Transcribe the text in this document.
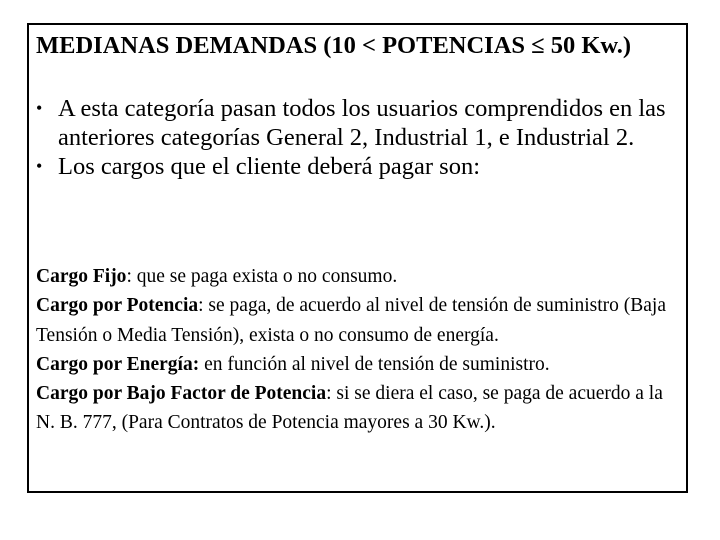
MEDIANAS DEMANDAS (10 < POTENCIAS ≤ 50 Kw.)
• A esta categoría pasan todos los usuarios comprendidos en las anteriores categorías General 2, Industrial 1, e Industrial 2.
• Los cargos que el cliente deberá pagar son:

Cargo Fijo: que se paga exista o no consumo.

Cargo por Potencia: se paga, de acuerdo al nivel de tensión de suministro (Baja Tensión o Media Tensión), exista o no consumo de energía.

Cargo por Energía: en función al nivel de tensión de suministro.

Cargo por Bajo Factor de Potencia: si se diera el caso, se paga de acuerdo a la N. B. 777, (Para Contratos de Potencia mayores a 30 Kw.).
